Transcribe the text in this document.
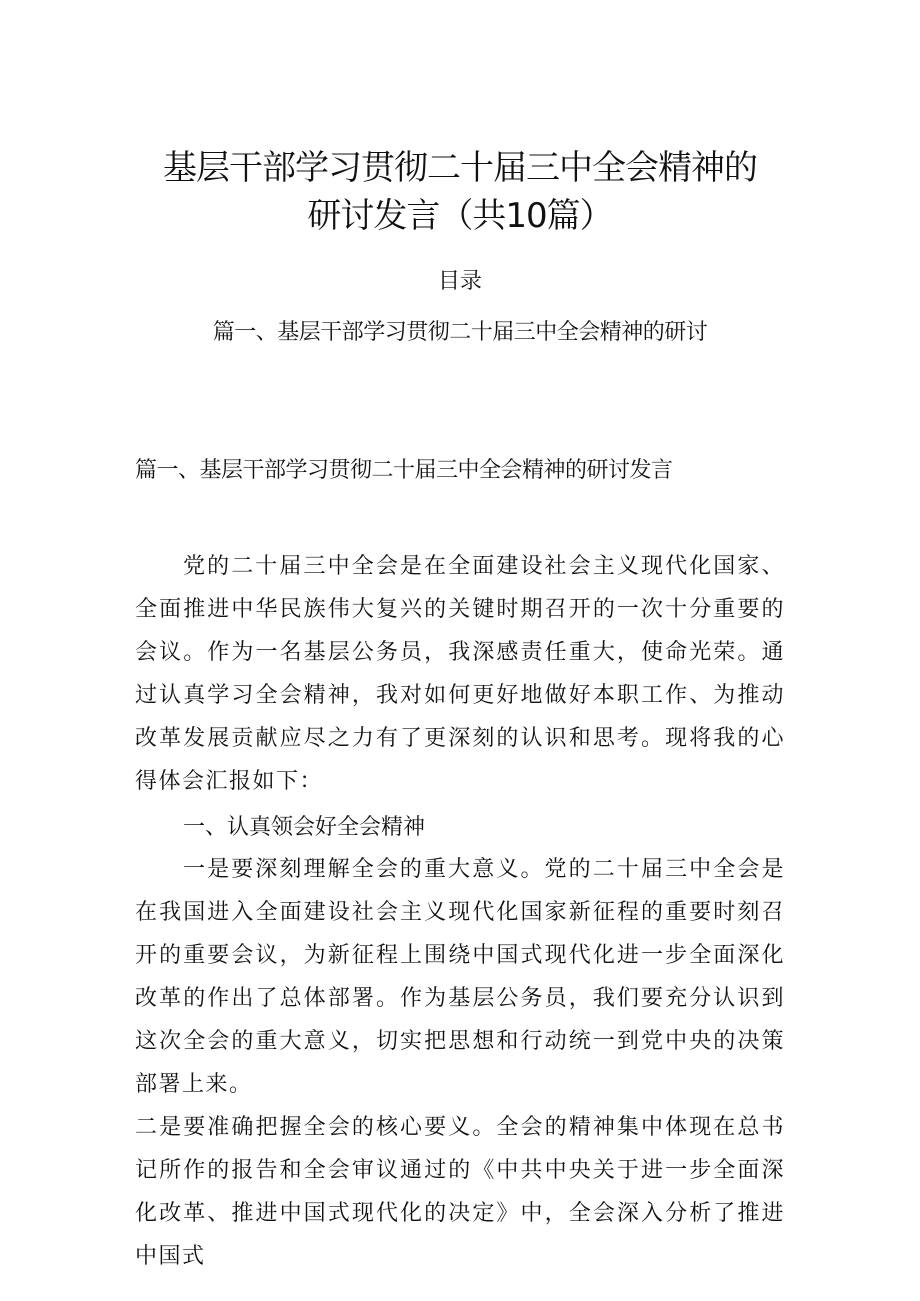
基层干部学习贯彻二十届三中全会精神的
研讨发言（共10篇）
目录
篇一、基层干部学习贯彻二十届三中全会精神的研讨
篇一、基层干部学习贯彻二十届三中全会精神的研讨发言

党的二十届三中全会是在全面建设社会主义现代化国家、全面推进中华民族伟大复兴的关键时期召开的一次十分重要的会议。作为一名基层公务员，我深感责任重大，使命光荣。通过认真学习全会精神，我对如何更好地做好本职工作、为推动改革发展贡献应尽之力有了更深刻的认识和思考。现将我的心得体会汇报如下：

一、认真领会好全会精神

一是要深刻理解全会的重大意义。党的二十届三中全会是在我国进入全面建设社会主义现代化国家新征程的重要时刻召开的重要会议，为新征程上围绕中国式现代化进一步全面深化改革的作出了总体部署。作为基层公务员，我们要充分认识到这次全会的重大意义，切实把思想和行动统一到党中央的决策部署上来。

二是要准确把握全会的核心要义。全会的精神集中体现在总书记所作的报告和全会审议通过的《中共中央关于进一步全面深化改革、推进中国式现代化的决定》中，全会深入分析了推进中国式
